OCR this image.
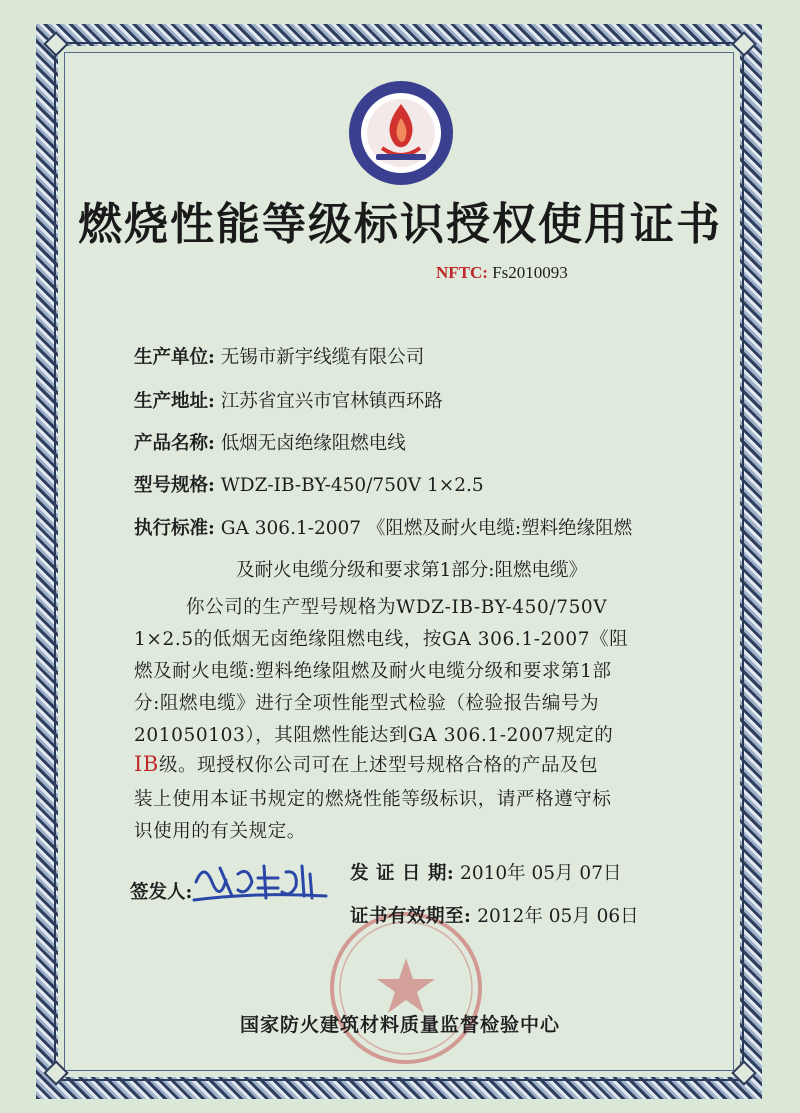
燃烧性能等级标识授权使用证书
NFTC: Fs2010093
生产单位: 无锡市新宇线缆有限公司
生产地址: 江苏省宜兴市官林镇西环路
产品名称: 低烟无卤绝缘阻燃电线
型号规格: WDZ-IB-BY-450/750V 1×2.5
执行标准: GA 306.1-2007 《阻燃及耐火电缆:塑料绝缘阻燃
及耐火电缆分级和要求第1部分:阻燃电缆》
你公司的生产型号规格为WDZ-ⅠB-BY-450/750V
1×2.5的低烟无卤绝缘阻燃电线，按GA 306.1-2007《阻
燃及耐火电缆:塑料绝缘阻燃及耐火电缆分级和要求第1部
分:阻燃电缆》进行全项性能型式检验（检验报告编号为
201050103），其阻燃性能达到GA 306.1-2007规定的
ⅠB级。现授权你公司可在上述型号规格合格的产品及包
装上使用本证书规定的燃烧性能等级标识，请严格遵守标
识使用的有关规定。
签发人:
发 证 日 期: 2010年 05月 07日
证书有效期至: 2012年 05月 06日
国家防火建筑材料质量监督检验中心
